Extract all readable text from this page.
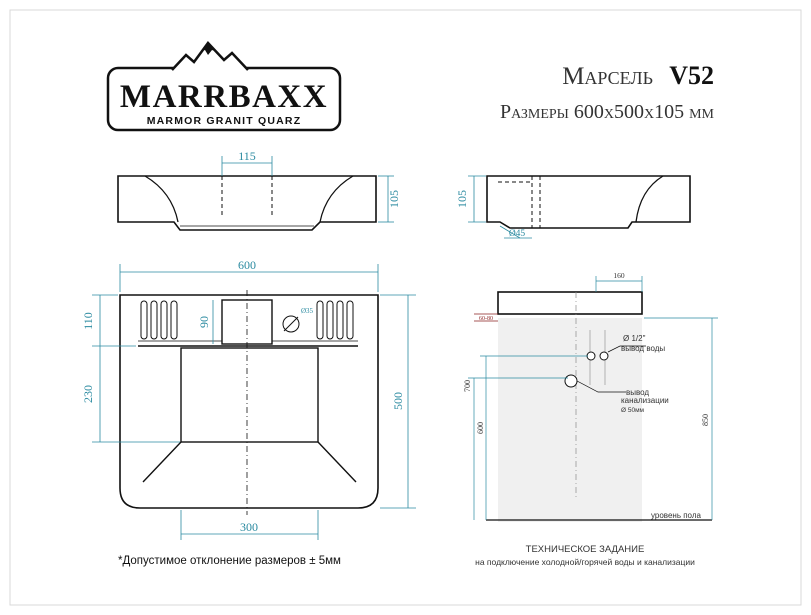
MARRBAXX
MARMOR GRANIT QUARZ
Марсель V52
Размеры 600x500x105 мм
115
105	105
Ø45
600
110
230
90
Ø35
500
300
160
60-80
700
600
850
Ø 1/2"
вывод воды
вывод
канализации
Ø 50мм
уровень пола
ТЕХНИЧЕСКОЕ ЗАДАНИЕ
на подключение холодной/горячей воды и канализации
*Допустимое отклонение размеров ± 5мм
